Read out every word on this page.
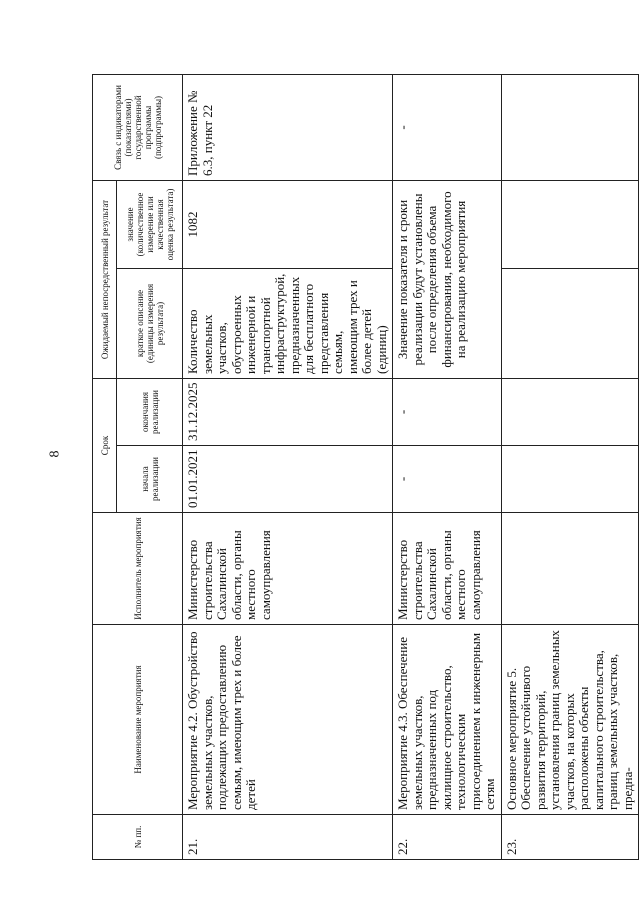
8
№ пп.	Наименование мероприятия	Исполнитель мероприятия	Срок		Ожидаемый непосредственный результат		Связь с индикаторами (показателями) государственной программы (подпрограммы)
			начала реализации	окончания реализации	краткое описание (единицы измерения результата)	значение (количественное измерение или качественная оценка результата)	
21.	Мероприятие 4.2. Обустройство земельных участков, подлежащих предоставлению семьям, имеющим трех и более детей	Министерство строительства Сахалинской области, органы местного самоуправления	01.01.2021	31.12.2025	Количество земельных участков, обустроенных инженерной и транспортной инфраструктурой, предназначенных для бесплатного представления семьям, имеющим трех и более детей (единиц)	1082	Приложение № 6.3, пункт 22
22.	Мероприятие 4.3. Обеспечение земельных участков, предназначенных под жилищное строительство, технологическим присоединением к инженерным сетям	Министерство строительства Сахалинской области, органы местного самоуправления	-	-	Значение показателя и сроки реализации будут установлены после определения объема финансирования, необходимого на реализацию мероприятия		-
23.	Основное мероприятие 5. Обеспечение устойчивого развития территорий, установления границ земельных участков, на которых расположены объекты капитального строительства, границ земельных участков, предна-						
